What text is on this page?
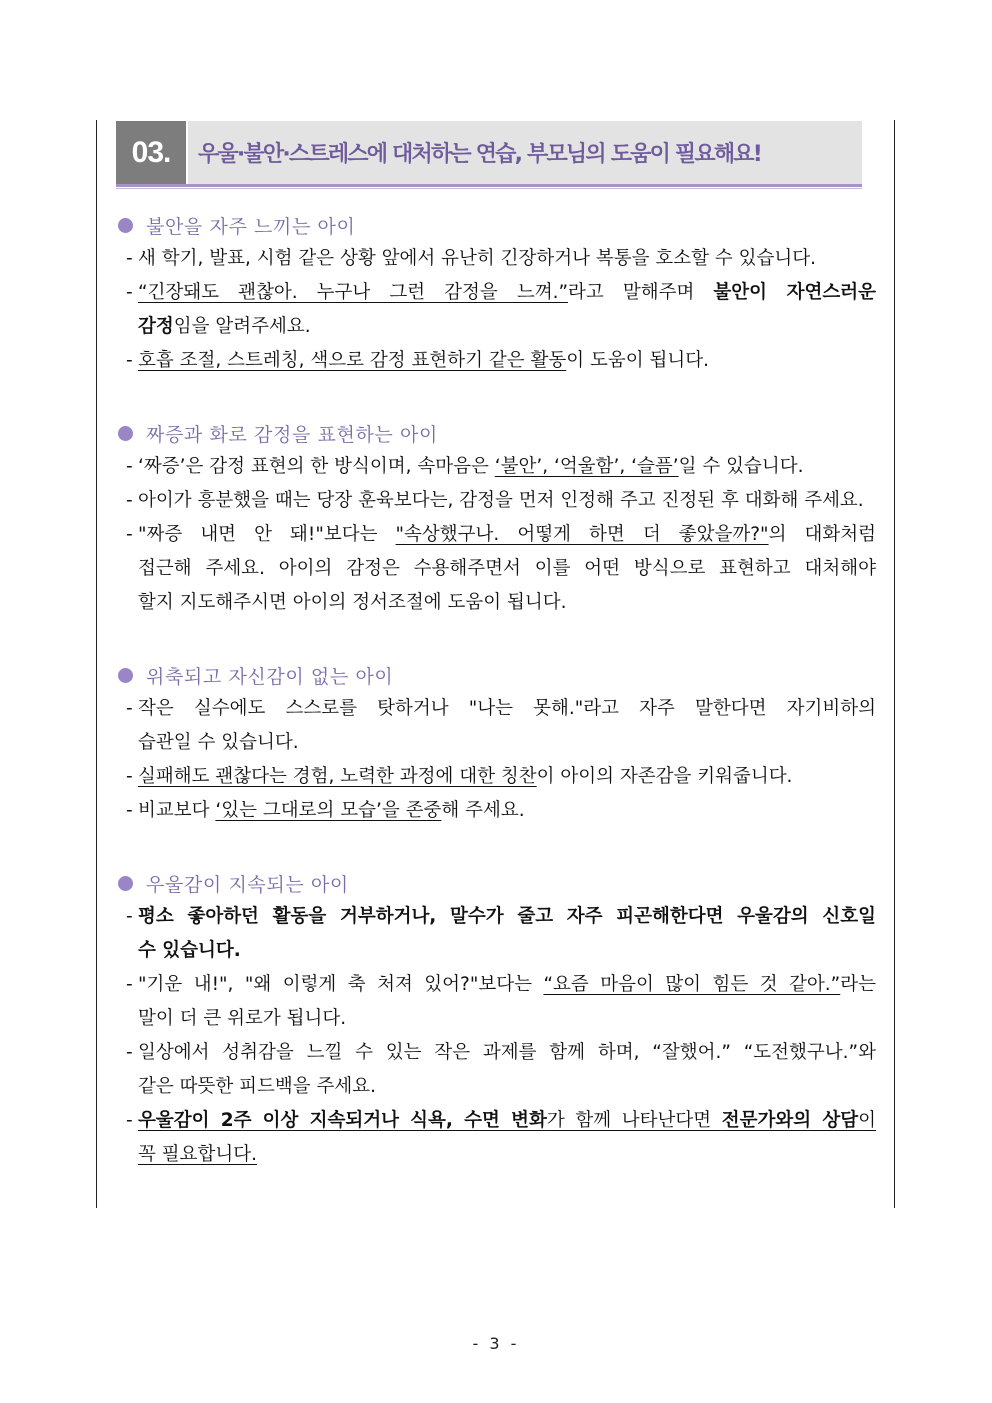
03.	우울·불안·스트레스에 대처하는 연습, 부모님의 도움이 필요해요!
불안을 자주 느끼는 아이
- 새 학기, 발표, 시험 같은 상황 앞에서 유난히 긴장하거나 복통을 호소할 수 있습니다.
- “긴장돼도 괜찮아. 누구나 그런 감정을 느껴.”라고 말해주며 불안이 자연스러운
감정임을 알려주세요.
- 호흡 조절, 스트레칭, 색으로 감정 표현하기 같은 활동이 도움이 됩니다.
짜증과 화로 감정을 표현하는 아이
- ‘짜증’은 감정 표현의 한 방식이며, 속마음은 ‘불안’, ‘억울함’, ‘슬픔’일 수 있습니다.
- 아이가 흥분했을 때는 당장 훈육보다는, 감정을 먼저 인정해 주고 진정된 후 대화해 주세요.
- "짜증 내면 안 돼!"보다는 "속상했구나. 어떻게 하면 더 좋았을까?"의 대화처럼
접근해 주세요. 아이의 감정은 수용해주면서 이를 어떤 방식으로 표현하고 대처해야
할지 지도해주시면 아이의 정서조절에 도움이 됩니다.
위축되고 자신감이 없는 아이
- 작은 실수에도 스스로를 탓하거나 "나는 못해."라고 자주 말한다면 자기비하의
습관일 수 있습니다.
- 실패해도 괜찮다는 경험, 노력한 과정에 대한 칭찬이 아이의 자존감을 키워줍니다.
- 비교보다 ‘있는 그대로의 모습’을 존중해 주세요.
우울감이 지속되는 아이
- 평소 좋아하던 활동을 거부하거나, 말수가 줄고 자주 피곤해한다면 우울감의 신호일
수 있습니다.
- "기운 내!", "왜 이렇게 축 처져 있어?"보다는 “요즘 마음이 많이 힘든 것 같아.”라는
말이 더 큰 위로가 됩니다.
- 일상에서 성취감을 느낄 수 있는 작은 과제를 함께 하며, “잘했어.” “도전했구나.”와
같은 따뜻한 피드백을 주세요.
- 우울감이 2주 이상 지속되거나 식욕, 수면 변화가 함께 나타난다면 전문가와의 상담이
꼭 필요합니다.
- 3 -
